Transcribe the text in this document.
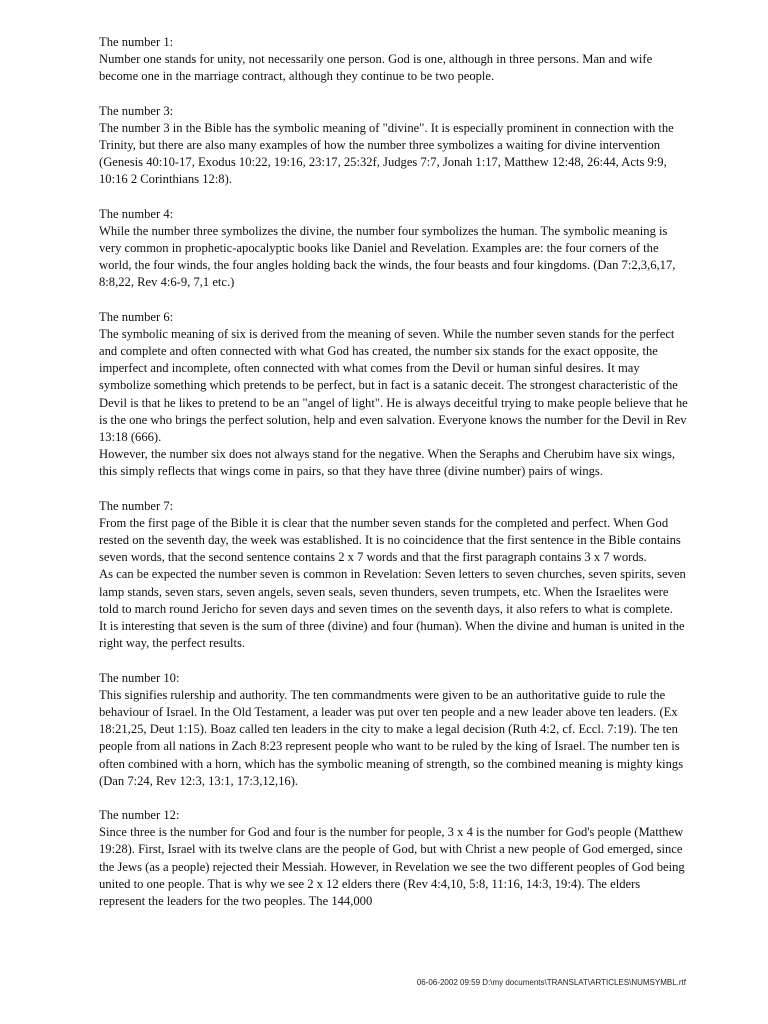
The number 1:
Number one stands for unity, not necessarily one person. God is one, although in three persons. Man and wife become one in the marriage contract, although they continue to be two people.
The number 3:
The number 3 in the Bible has the symbolic meaning of "divine". It is especially prominent in connection with the Trinity, but there are also many examples of how the number three symbolizes a waiting for divine intervention (Genesis 40:10-17, Exodus 10:22, 19:16, 23:17, 25:32f, Judges 7:7, Jonah 1:17, Matthew 12:48, 26:44, Acts 9:9, 10:16 2 Corinthians 12:8).
The number 4:
While the number three symbolizes the divine, the number four symbolizes the human. The symbolic meaning is very common in prophetic-apocalyptic books like Daniel and Revelation. Examples are: the four corners of the world, the four winds, the four angles holding back the winds, the four beasts and four kingdoms. (Dan 7:2,3,6,17, 8:8,22, Rev 4:6-9, 7,1 etc.)
The number 6:
The symbolic meaning of six is derived from the meaning of seven. While the number seven stands for the perfect and complete and often connected with what God has created, the number six stands for the exact opposite, the imperfect and incomplete, often connected with what comes from the Devil or human sinful desires. It may symbolize something which pretends to be perfect, but in fact is a satanic deceit. The strongest characteristic of the Devil is that he likes to pretend to be an "angel of light". He is always deceitful trying to make people believe that he is the one who brings the perfect solution, help and even salvation. Everyone knows the number for the Devil in Rev 13:18 (666).
However, the number six does not always stand for the negative. When the Seraphs and Cherubim have six wings, this simply reflects that wings come in pairs, so that they have three (divine number) pairs of wings.
The number 7:
From the first page of the Bible it is clear that the number seven stands for the completed and perfect. When God rested on the seventh day, the week was established. It is no coincidence that the first sentence in the Bible contains seven words, that the second sentence contains 2 x 7 words and that the first paragraph contains 3 x 7 words.
As can be expected the number seven is common in Revelation: Seven letters to seven churches, seven spirits, seven lamp stands, seven stars, seven angels, seven seals, seven thunders, seven trumpets, etc. When the Israelites were told to march round Jericho for seven days and seven times on the seventh days, it also refers to what is complete.
It is interesting that seven is the sum of three (divine) and four (human). When the divine and human is united in the right way, the perfect results.
The number 10:
This signifies rulership and authority. The ten commandments were given to be an authoritative guide to rule the behaviour of Israel. In the Old Testament, a leader was put over ten people and a new leader above ten leaders. (Ex 18:21,25, Deut 1:15). Boaz called ten leaders in the city to make a legal decision (Ruth 4:2, cf. Eccl. 7:19). The ten people from all nations in Zach 8:23 represent people who want to be ruled by the king of Israel. The number ten is often combined with a horn, which has the symbolic meaning of strength, so the combined meaning is mighty kings (Dan 7:24, Rev 12:3, 13:1, 17:3,12,16).
The number 12:
Since three is the number for God and four is the number for people, 3 x 4 is the number for God's people (Matthew 19:28). First, Israel with its twelve clans are the people of God, but with Christ a new people of God emerged, since the Jews (as a people) rejected their Messiah. However, in Revelation we see the two different peoples of God being united to one people. That is why we see 2 x 12 elders there (Rev 4:4,10, 5:8, 11:16, 14:3, 19:4). The elders represent the leaders for the two peoples. The 144,000
06-06-2002 09:59 D:\my documents\TRANSLAT\ARTICLES\NUMSYMBL.rtf
